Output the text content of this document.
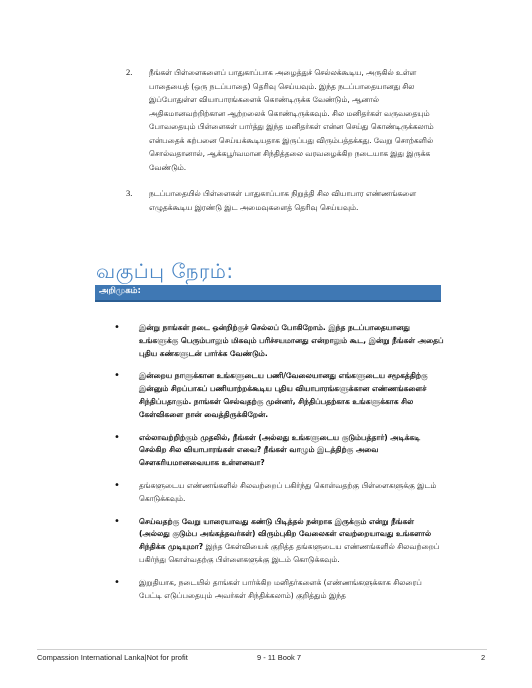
2. நீங்கள் பிள்ளைகளைப் பாதுகாப்பாக அழைத்துச் செல்லக்கூடிய, அருகில் உள்ள பாதையைத் (ஒரு நடப்பாதை) தெரிவு செய்யவும். இந்த நடப்பாதையானது சில இப்போதுள்ள வியாபாரங்களைக் கொண்டிருக்க வேண்டும், ஆனால் அதிகமானவற்றிற்கான ஆற்றலைக் கொண்டிருக்கவும். சில மனிதர்கள் வருவதையும் போவதையும் பிள்ளைகள் பார்த்து இந்த மனிதர்கள் என்ன செய்து கொண்டிருக்கலாம் என்பதைக் கற்பனை செய்யக்கூடியதாக இருப்பது விரும்பத்தக்கது. வேறு சொற்களில் சொல்வதானால், ஆக்கபூர்வமான சிந்தித்தலை வரவழைக்கிற நடையாக இது இருக்க வேண்டும்.
3. நடப்பாதையில் பிள்ளைகள் பாதுகாப்பாக நிறுத்தி சில வியாபார எண்ணங்களை எழுதக்கூடிய இரண்டு இட அமைவுகளைத் தெரிவு செய்யவும்.
வகுப்பு நேரம்:
அறிமுகம்:
•	இன்று நாங்கள் நடை ஒன்றிற்குச் செல்லப் போகிறோம். இந்த நடப்பாதையானது உங்களுக்கு பெரும்பாலும் மிகவும் பரிச்சயமானது என்றாலும் கூட, இன்று நீங்கள் அதைப் புதிய கண்களுடன் பார்க்க வேண்டும்.
•	இன்றைய நாளுக்கான உங்களுடைய பணி/வேலையானது எங்களுடைய சமூகத்திற்கு இன்னும் சிறப்பாகப் பணியாற்றக்கூடிய புதிய வியாபாரங்களுக்கான எண்ணங்களைச் சிந்திப்பதாகும். நாங்கள் செல்வதற்கு முன்னர், சிந்திப்பதற்காக உங்களுக்காக சில கேள்விகளை நான் வைத்திருக்கிறேன்.
•	எல்லாவற்றிற்கும் முதலில், நீங்கள் (அல்லது உங்களுடைய குடும்பத்தார்) அடிக்கடி செல்கிற சில வியாபாரங்கள் எவை? நீங்கள் வாழும் இடத்திற்கு அவை சௌகரியமானவையாக உள்ளனவா?
•	தங்களுடைய எண்ணங்களில் சிலவற்றைப் பகிர்ந்து கொள்வதற்கு பிள்ளைகளுக்கு இடம் கொடுக்கவும்.
•	செய்வதற்கு வேறு யாரையாவது கண்டு பிடித்தல் நன்றாக இருக்கும் என்று நீங்கள் (அல்லது குடும்ப அங்கத்தவர்கள்) விரும்புகிற வேலைகள் எவற்றையாவது உங்களால் சிந்திக்க முடியுமா? இந்த கேள்வியைக் குறித்த தங்களுடைய எண்ணங்களில் சிலவற்றைப் பகிர்ந்து கொள்வதற்கு பிள்ளைகளுக்கு இடம் கொடுக்கவும்.
•	இறுதியாக, நடையில் தாங்கள் பார்க்கிற மனிதர்களைக் (எண்ணங்களுக்காக சிலரைப் பேட்டி எடுப்பதையும் அவர்கள் சிந்திக்கலாம்) குறித்தும் இந்த
Compassion International Lanka|Not for profit	9 - 11 Book 7	2
